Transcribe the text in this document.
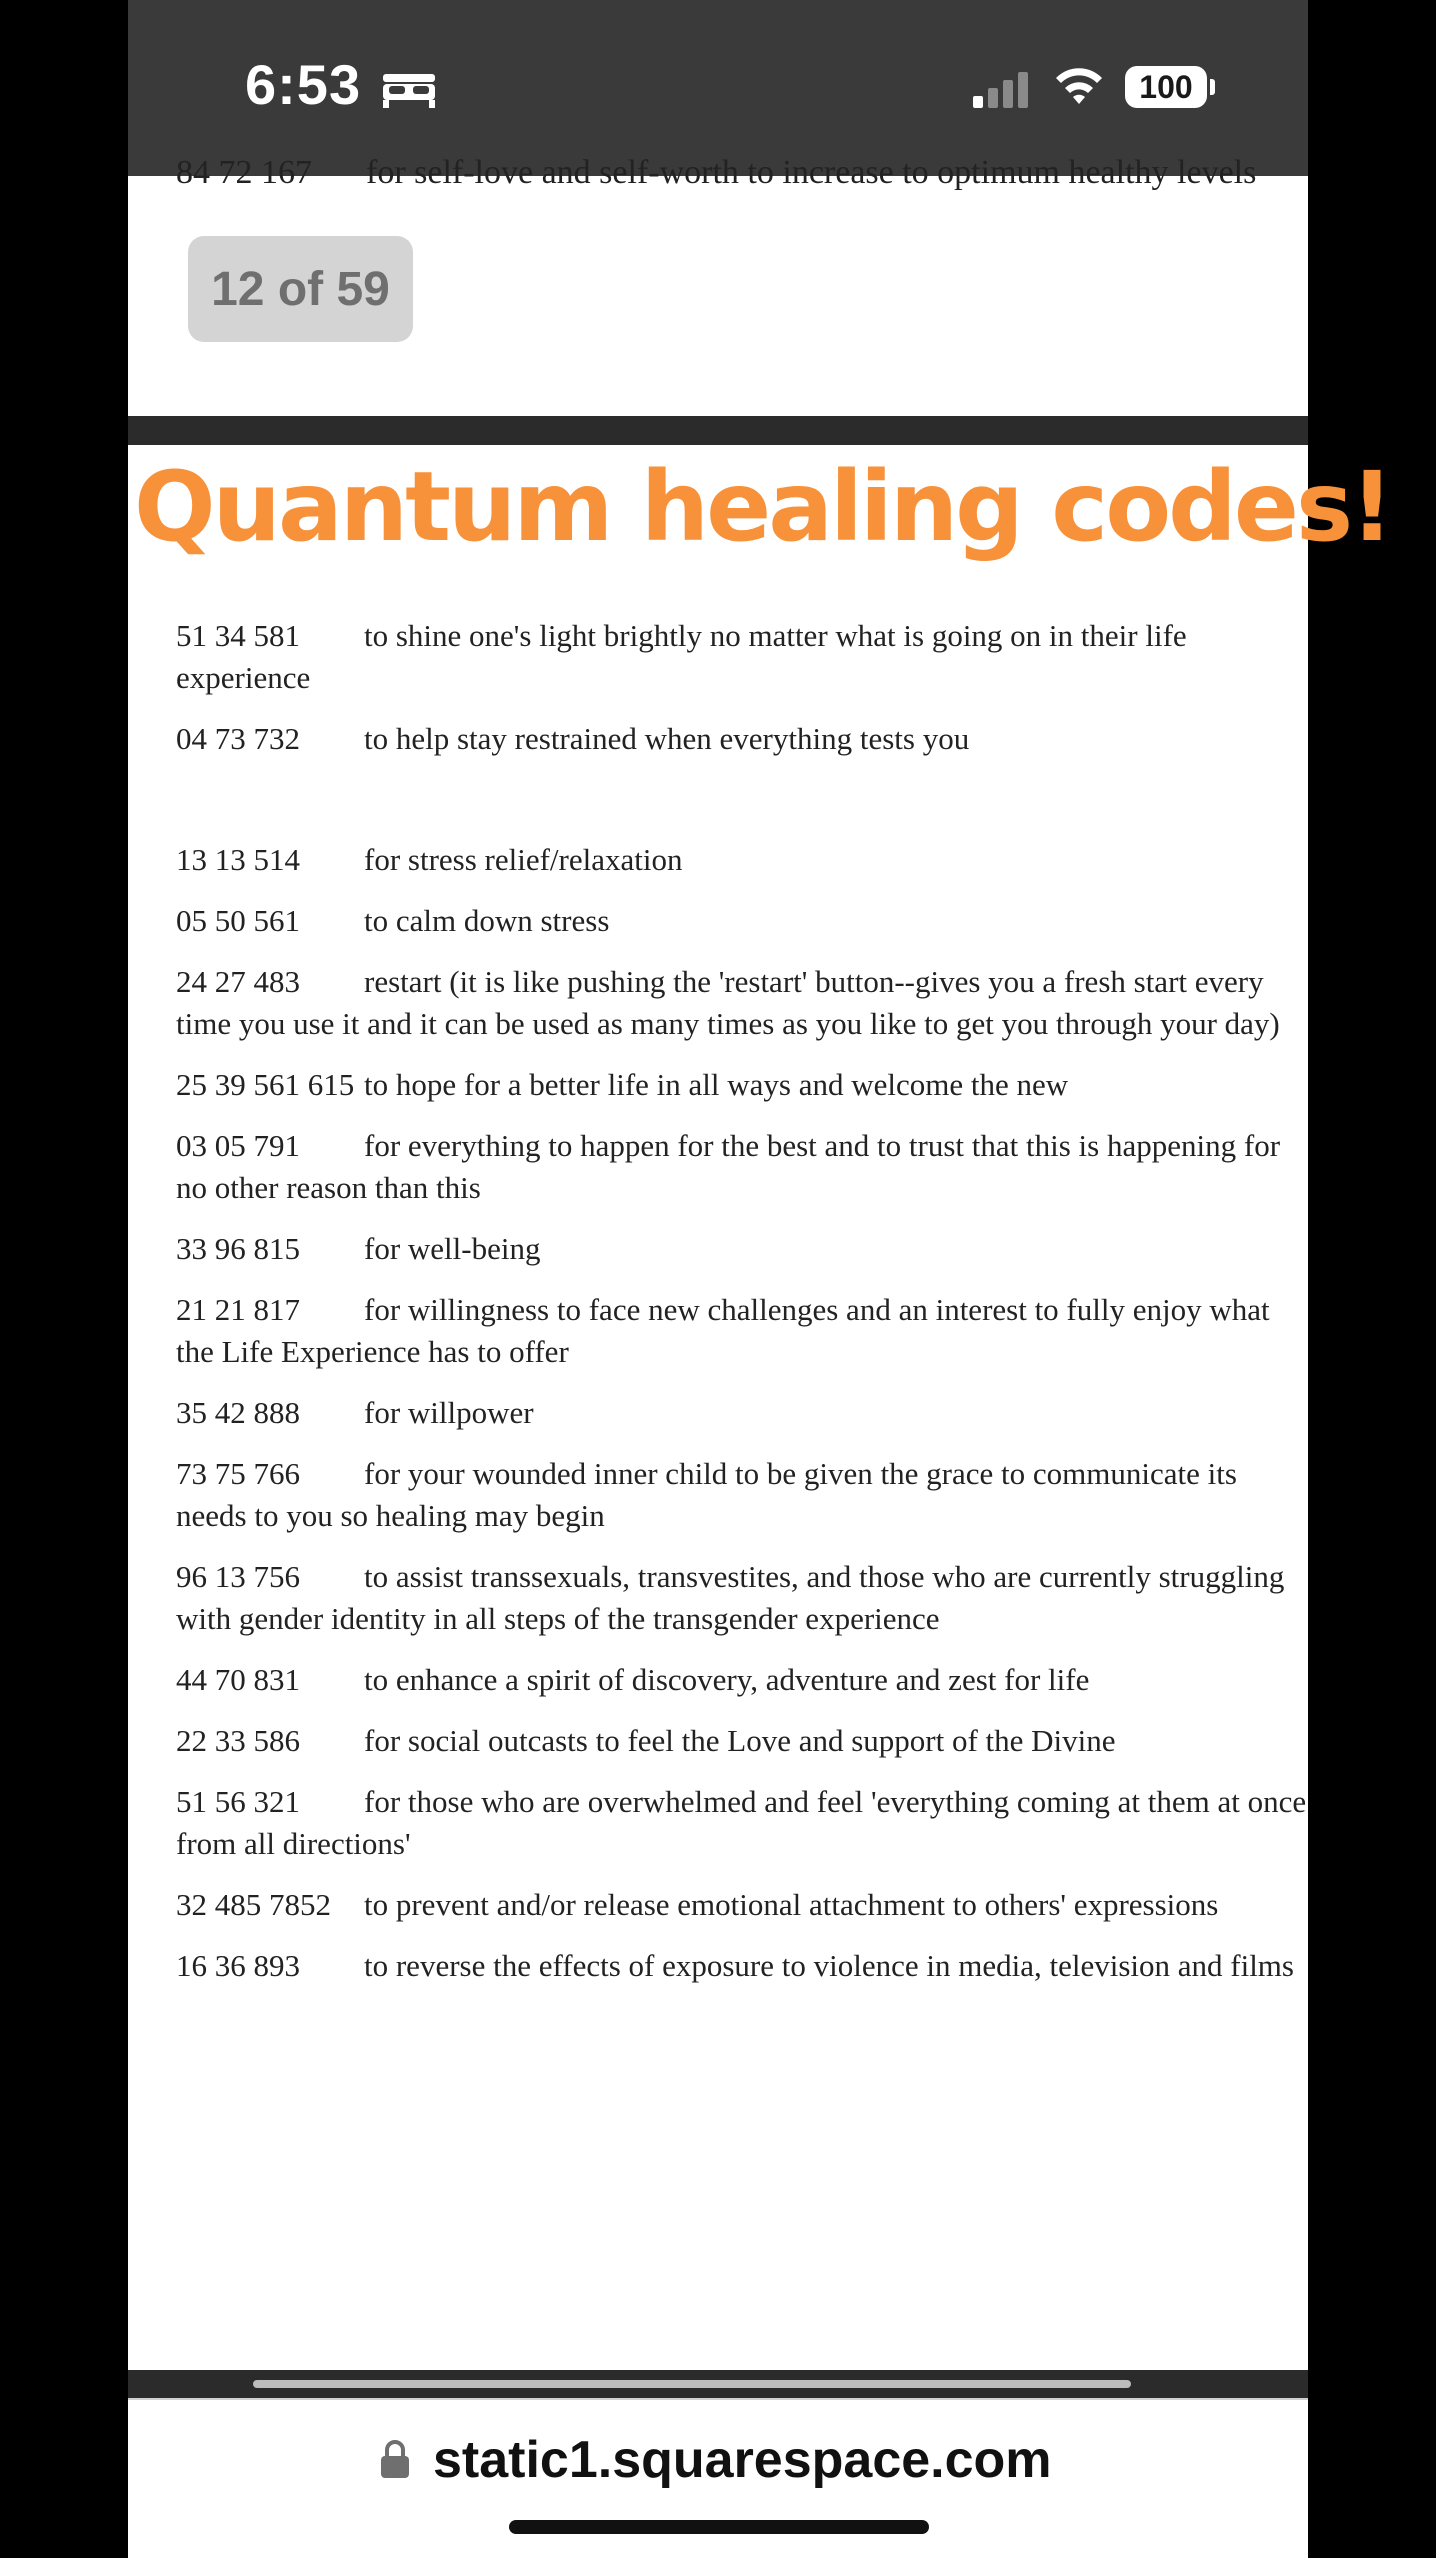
6:53	100
84 72 167 for self-love and self-worth to increase to optimum healthy levels
12 of 59
Quantum healing codes!
51 34 581 to shine one's light brightly no matter what is going on in their life experience
04 73 732 to help stay restrained when everything tests you
13 13 514 for stress relief/relaxation
05 50 561 to calm down stress
24 27 483 restart (it is like pushing the 'restart' button--gives you a fresh start every time you use it and it can be used as many times as you like to get you through your day)
25 39 561 615 to hope for a better life in all ways and welcome the new
03 05 791 for everything to happen for the best and to trust that this is happening for no other reason than this
33 96 815 for well-being
21 21 817 for willingness to face new challenges and an interest to fully enjoy what the Life Experience has to offer
35 42 888 for willpower
73 75 766 for your wounded inner child to be given the grace to communicate its needs to you so healing may begin
96 13 756 to assist transsexuals, transvestites, and those who are currently struggling with gender identity in all steps of the transgender experience
44 70 831 to enhance a spirit of discovery, adventure and zest for life
22 33 586 for social outcasts to feel the Love and support of the Divine
51 56 321 for those who are overwhelmed and feel 'everything coming at them at once from all directions'
32 485 7852 to prevent and/or release emotional attachment to others' expressions
16 36 893 to reverse the effects of exposure to violence in media, television and films
static1.squarespace.com
